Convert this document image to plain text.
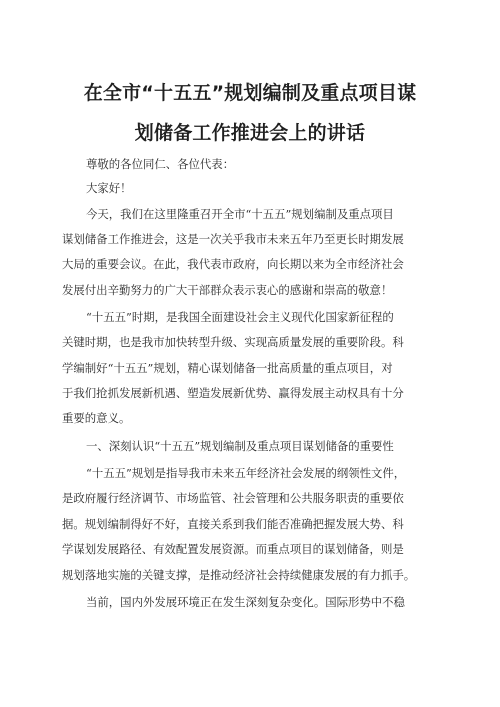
在全市“十五五”规划编制及重点项目谋
划储备工作推进会上的讲话
尊敬的各位同仁、各位代表：
大家好！
今天，我们在这里隆重召开全市“十五五”规划编制及重点项目
谋划储备工作推进会，这是一次关乎我市未来五年乃至更长时期发展
大局的重要会议。在此，我代表市政府，向长期以来为全市经济社会
发展付出辛勤努力的广大干部群众表示衷心的感谢和崇高的敬意！
“十五五”时期，是我国全面建设社会主义现代化国家新征程的
关键时期，也是我市加快转型升级、实现高质量发展的重要阶段。科
学编制好“十五五”规划，精心谋划储备一批高质量的重点项目，对
于我们抢抓发展新机遇、塑造发展新优势、赢得发展主动权具有十分
重要的意义。
一、深刻认识“十五五”规划编制及重点项目谋划储备的重要性
“十五五”规划是指导我市未来五年经济社会发展的纲领性文件，
是政府履行经济调节、市场监管、社会管理和公共服务职责的重要依
据。规划编制得好不好，直接关系到我们能否准确把握发展大势、科
学谋划发展路径、有效配置发展资源。而重点项目的谋划储备，则是
规划落地实施的关键支撑，是推动经济社会持续健康发展的有力抓手。
当前，国内外发展环境正在发生深刻复杂变化。国际形势中不稳
